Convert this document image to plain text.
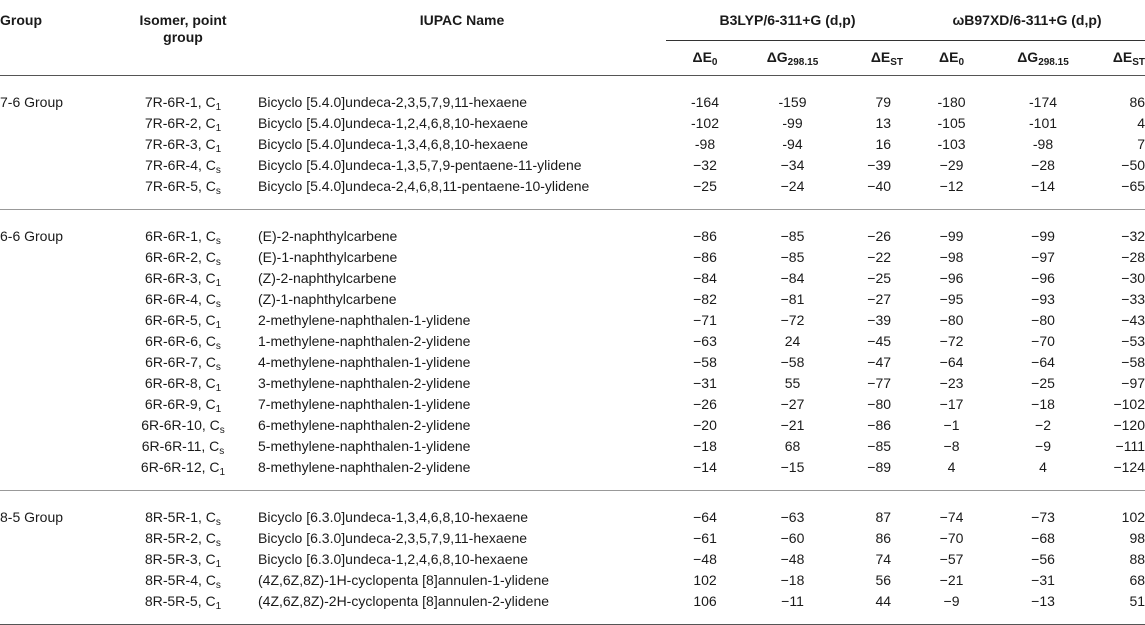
Group	Isomer, point group	IUPAC Name	B3LYP/6-311+G (d,p)			ωB97XD/6-311+G (d,p)		
			$\Delta E_0$	$\Delta G_{298.15}$	$\Delta E_{ST}$	$\Delta E_0$	$\Delta G_{298.15}$	$\Delta E_{ST}$
7-6 Group	7R-6R-1, $C_1$	Bicyclo [5.4.0]undeca-2,3,5,7,9,11-hexaene	-164	-159	79	-180	-174	86
	7R-6R-2, $C_1$	Bicyclo [5.4.0]undeca-1,2,4,6,8,10-hexaene	-102	-99	13	-105	-101	4
	7R-6R-3, $C_1$	Bicyclo [5.4.0]undeca-1,3,4,6,8,10-hexaene	-98	-94	16	-103	-98	7
	7R-6R-4, $C_s$	Bicyclo [5.4.0]undeca-1,3,5,7,9-pentaene-11-ylidene	−32	−34	−39	−29	−28	−50
	7R-6R-5, $C_s$	Bicyclo [5.4.0]undeca-2,4,6,8,11-pentaene-10-ylidene	−25	−24	−40	−12	−14	−65
6-6 Group	6R-6R-1, $C_s$	(E)-2-naphthylcarbene	−86	−85	−26	−99	−99	−32
	6R-6R-2, $C_s$	(E)-1-naphthylcarbene	−86	−85	−22	−98	−97	−28
	6R-6R-3, $C_1$	(Z)-2-naphthylcarbene	−84	−84	−25	−96	−96	−30
	6R-6R-4, $C_s$	(Z)-1-naphthylcarbene	−82	−81	−27	−95	−93	−33
	6R-6R-5, $C_1$	2-methylene-naphthalen-1-ylidene	−71	−72	−39	−80	−80	−43
	6R-6R-6, $C_s$	1-methylene-naphthalen-2-ylidene	−63	24	−45	−72	−70	−53
	6R-6R-7, $C_s$	4-methylene-naphthalen-1-ylidene	−58	−58	−47	−64	−64	−58
	6R-6R-8, $C_1$	3-methylene-naphthalen-2-ylidene	−31	55	−77	−23	−25	−97
	6R-6R-9, $C_1$	7-methylene-naphthalen-1-ylidene	−26	−27	−80	−17	−18	−102
	6R-6R-10, $C_s$	6-methylene-naphthalen-2-ylidene	−20	−21	−86	−1	−2	−120
	6R-6R-11, $C_s$	5-methylene-naphthalen-1-ylidene	−18	68	−85	−8	−9	−111
	6R-6R-12, $C_1$	8-methylene-naphthalen-2-ylidene	−14	−15	−89	4	4	−124
8-5 Group	8R-5R-1, $C_s$	Bicyclo [6.3.0]undeca-1,3,4,6,8,10-hexaene	−64	−63	87	−74	−73	102
	8R-5R-2, $C_s$	Bicyclo [6.3.0]undeca-2,3,5,7,9,11-hexaene	−61	−60	86	−70	−68	98
	8R-5R-3, $C_1$	Bicyclo [6.3.0]undeca-1,2,4,6,8,10-hexaene	−48	−48	74	−57	−56	88
	8R-5R-4, $C_s$	(4Z,6Z,8Z)-1H-cyclopenta [8]annulen-1-ylidene	102	−18	56	−21	−31	68
	8R-5R-5, $C_1$	(4Z,6Z,8Z)-2H-cyclopenta [8]annulen-2-ylidene	106	−11	44	−9	−13	51
